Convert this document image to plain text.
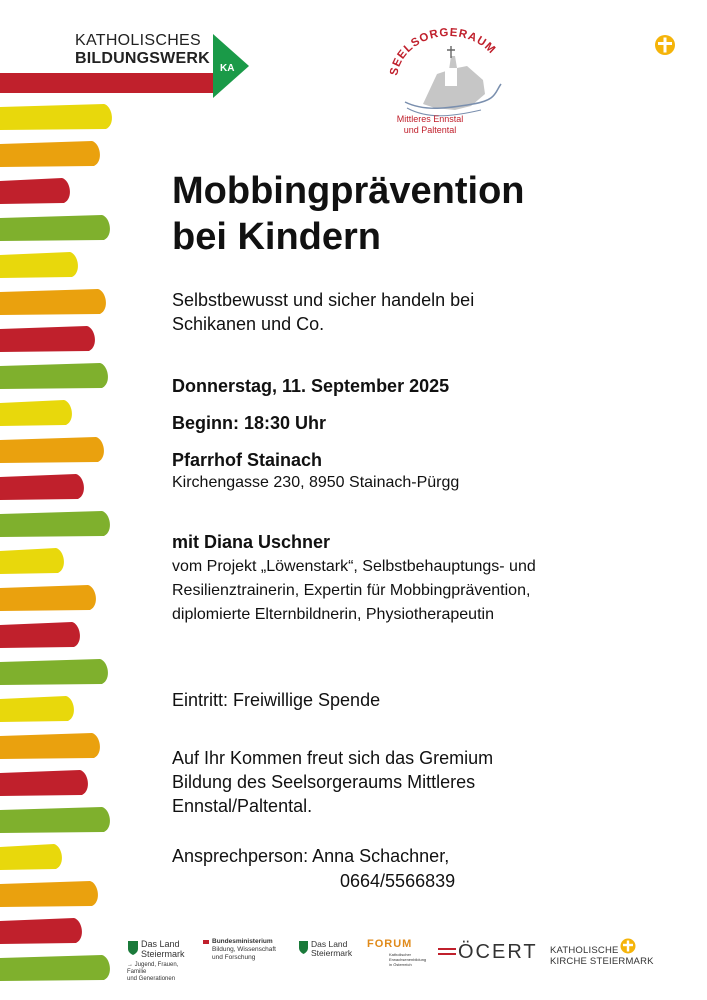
KATHOLISCHES
BILDUNGSWERK
KA	SEELSORGERAUM
Mittleres Ennstal
und Paltental
Mobbingprävention
bei Kindern
Selbstbewusst und sicher handeln bei
Schikanen und Co.
Donnerstag, 11. September 2025
Beginn: 18:30 Uhr
Pfarrhof Stainach
Kirchengasse 230, 8950 Stainach-Pürgg
mit Diana Uschner
vom Projekt „Löwenstark“, Selbstbehauptungs- und
Resilienztrainerin, Expertin für Mobbingprävention,
diplomierte Elternbildnerin, Physiotherapeutin
Eintritt: Freiwillige Spende
Auf Ihr Kommen freut sich das Gremium
Bildung des Seelsorgeraums Mittleres
Ennstal/Paltental.
Ansprechperson: Anna Schachner,
0664/5566839
Das Land
Steiermark
→ Jugend, Frauen, Familie
und Generationen
Bundesministerium
Bildung, Wissenschaft
und Forschung
Das Land
Steiermark
FORUM
Katholischer
Erwachsenenbildung
in Österreich
ÖCERT KATHOLISCHE
KIRCHE STEIERMARK
